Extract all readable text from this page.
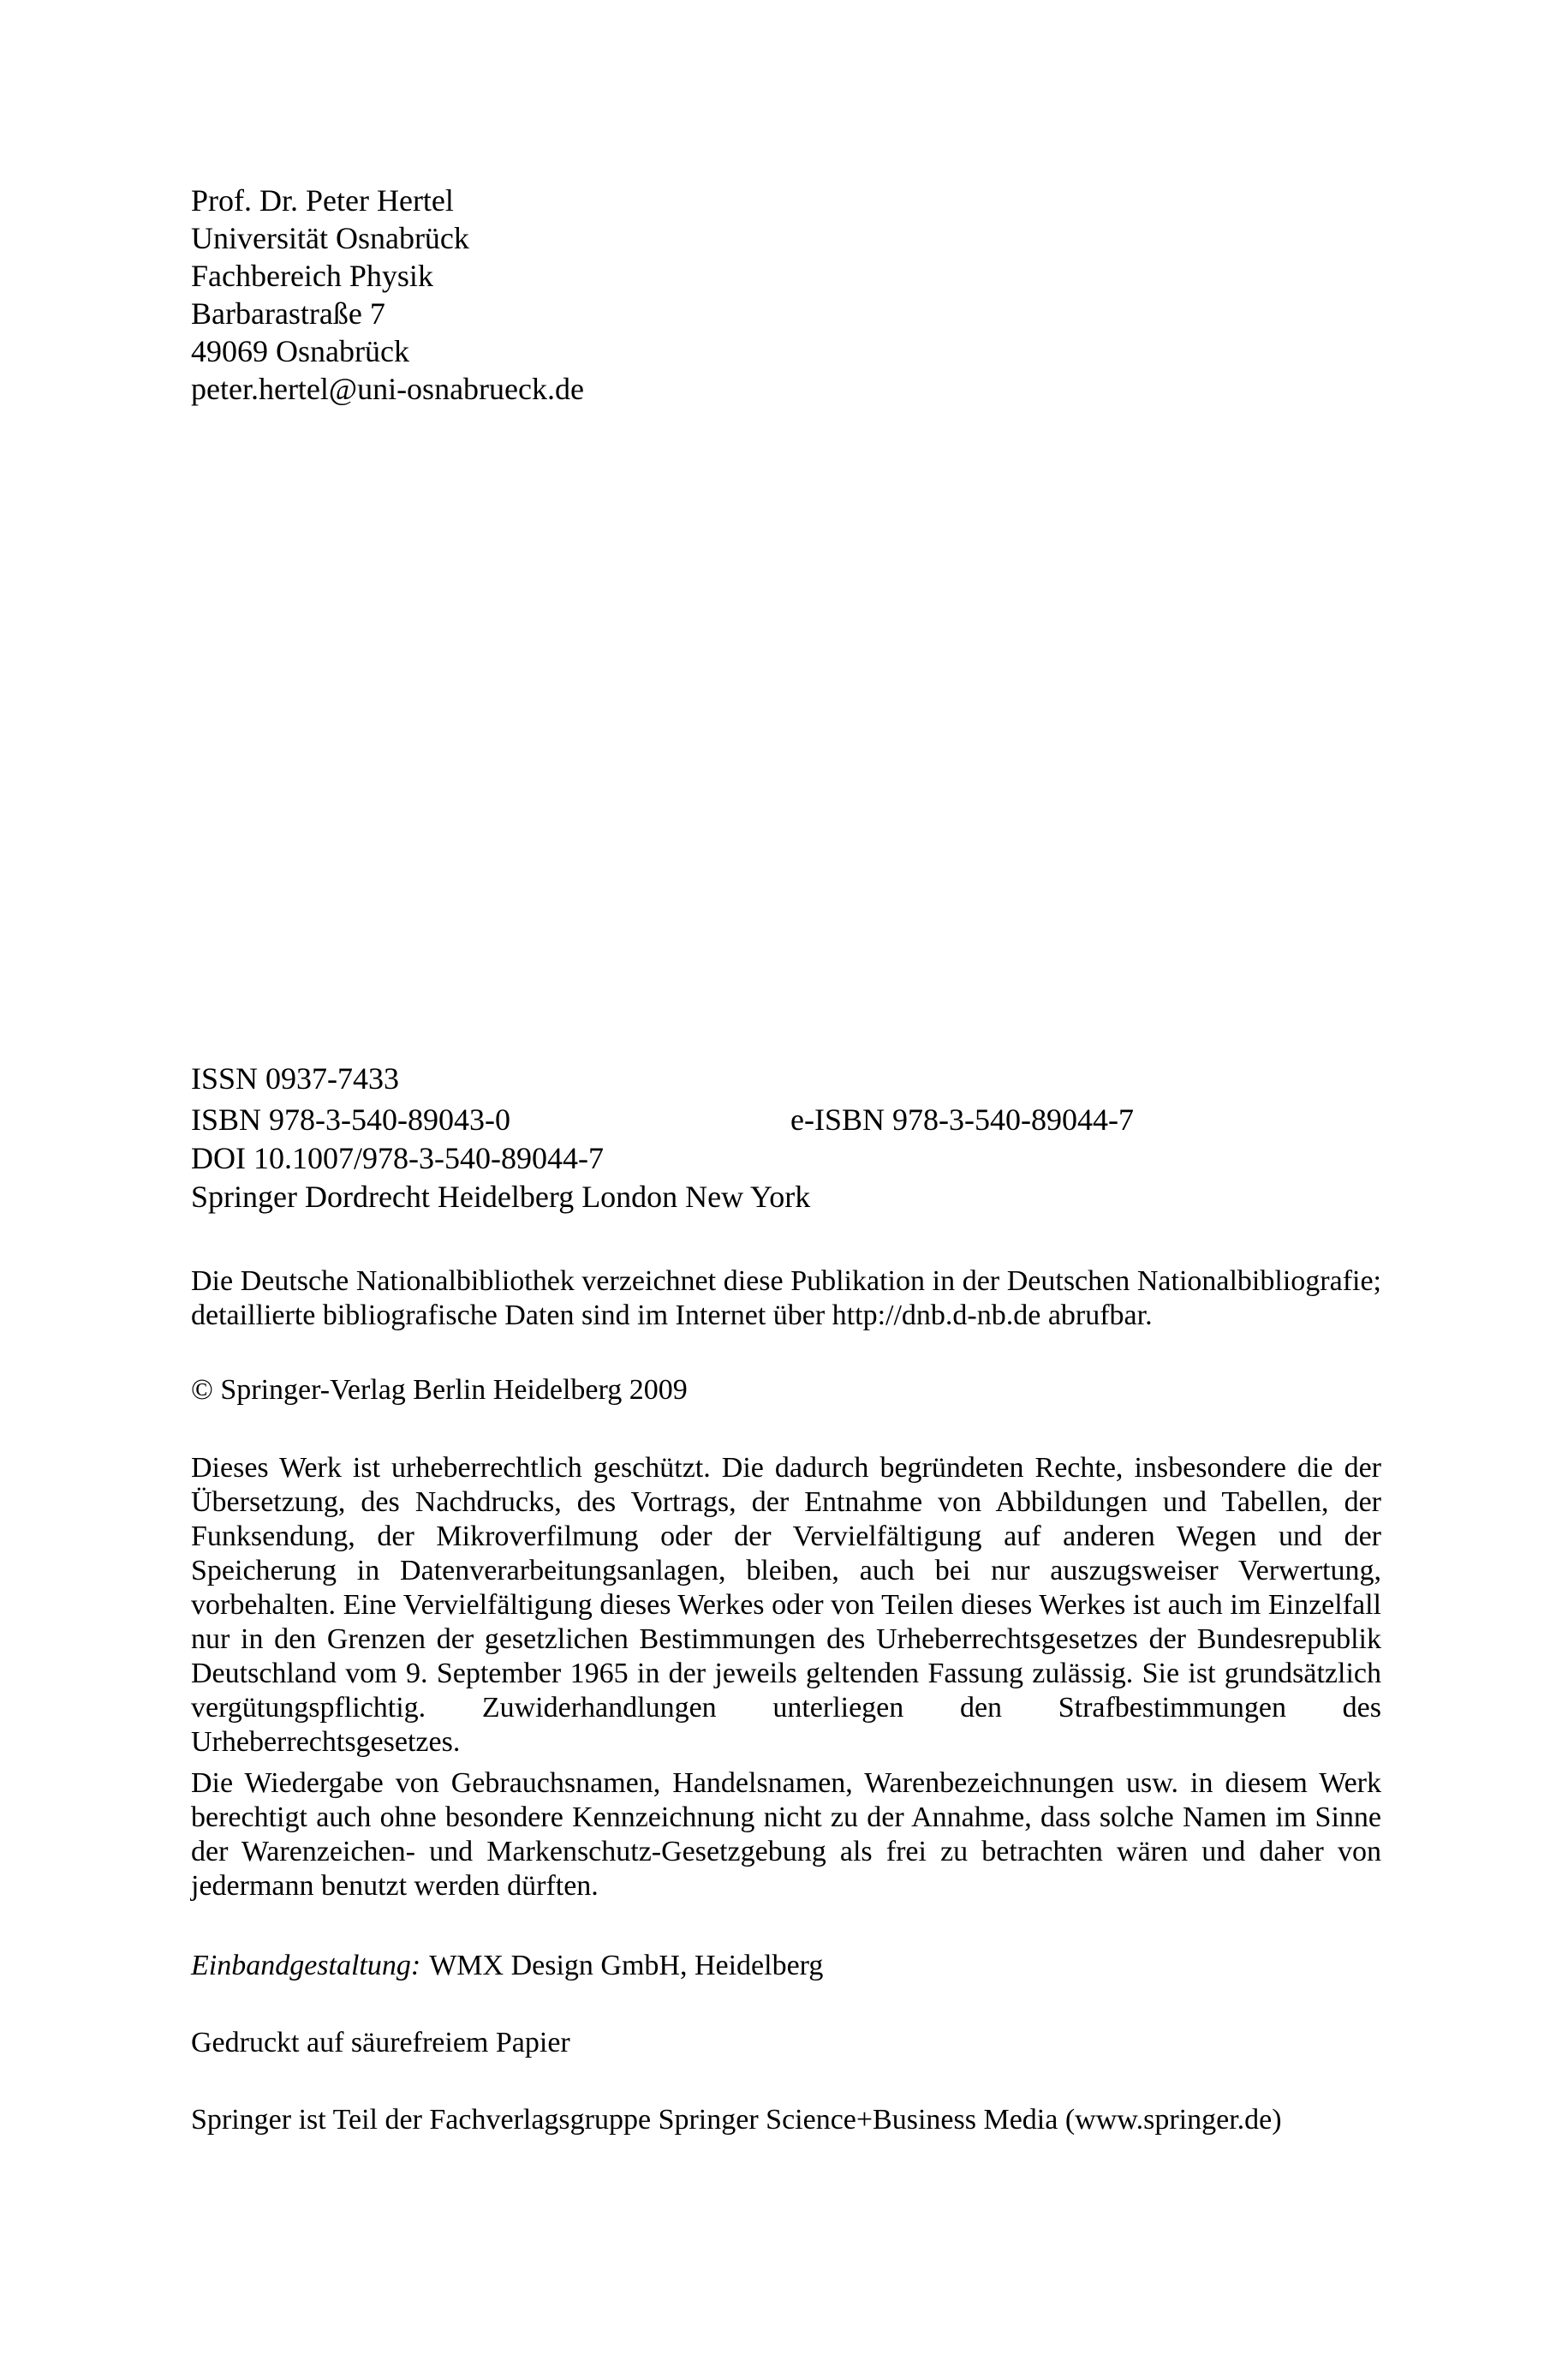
Prof. Dr. Peter Hertel
Universität Osnabrück
Fachbereich Physik
Barbarastraße 7
49069 Osnabrück
peter.hertel@uni-osnabrueck.de
ISSN 0937-7433
ISBN 978-3-540-89043-0	e-ISBN 978-3-540-89044-7
DOI 10.1007/978-3-540-89044-7
Springer Dordrecht Heidelberg London New York
Die Deutsche Nationalbibliothek verzeichnet diese Publikation in der Deutschen Nationalbibliografie; detaillierte bibliografische Daten sind im Internet über http://dnb.d-nb.de abrufbar.
© Springer-Verlag Berlin Heidelberg 2009
Dieses Werk ist urheberrechtlich geschützt. Die dadurch begründeten Rechte, insbesondere die der Übersetzung, des Nachdrucks, des Vortrags, der Entnahme von Abbildungen und Tabellen, der Funksendung, der Mikroverfilmung oder der Vervielfältigung auf anderen Wegen und der Speicherung in Datenverarbeitungsanlagen, bleiben, auch bei nur auszugsweiser Verwertung, vorbehalten. Eine Vervielfältigung dieses Werkes oder von Teilen dieses Werkes ist auch im Einzelfall nur in den Grenzen der gesetzlichen Bestimmungen des Urheberrechtsgesetzes der Bundesrepublik Deutschland vom 9. September 1965 in der jeweils geltenden Fassung zulässig. Sie ist grundsätzlich vergütungspflichtig. Zuwiderhandlungen unterliegen den Strafbestimmungen des Urheberrechtsgesetzes.
Die Wiedergabe von Gebrauchsnamen, Handelsnamen, Warenbezeichnungen usw. in diesem Werk berechtigt auch ohne besondere Kennzeichnung nicht zu der Annahme, dass solche Namen im Sinne der Warenzeichen- und Markenschutz-Gesetzgebung als frei zu betrachten wären und daher von jedermann benutzt werden dürften.
Einbandgestaltung: WMX Design GmbH, Heidelberg
Gedruckt auf säurefreiem Papier
Springer ist Teil der Fachverlagsgruppe Springer Science+Business Media (www.springer.de)
